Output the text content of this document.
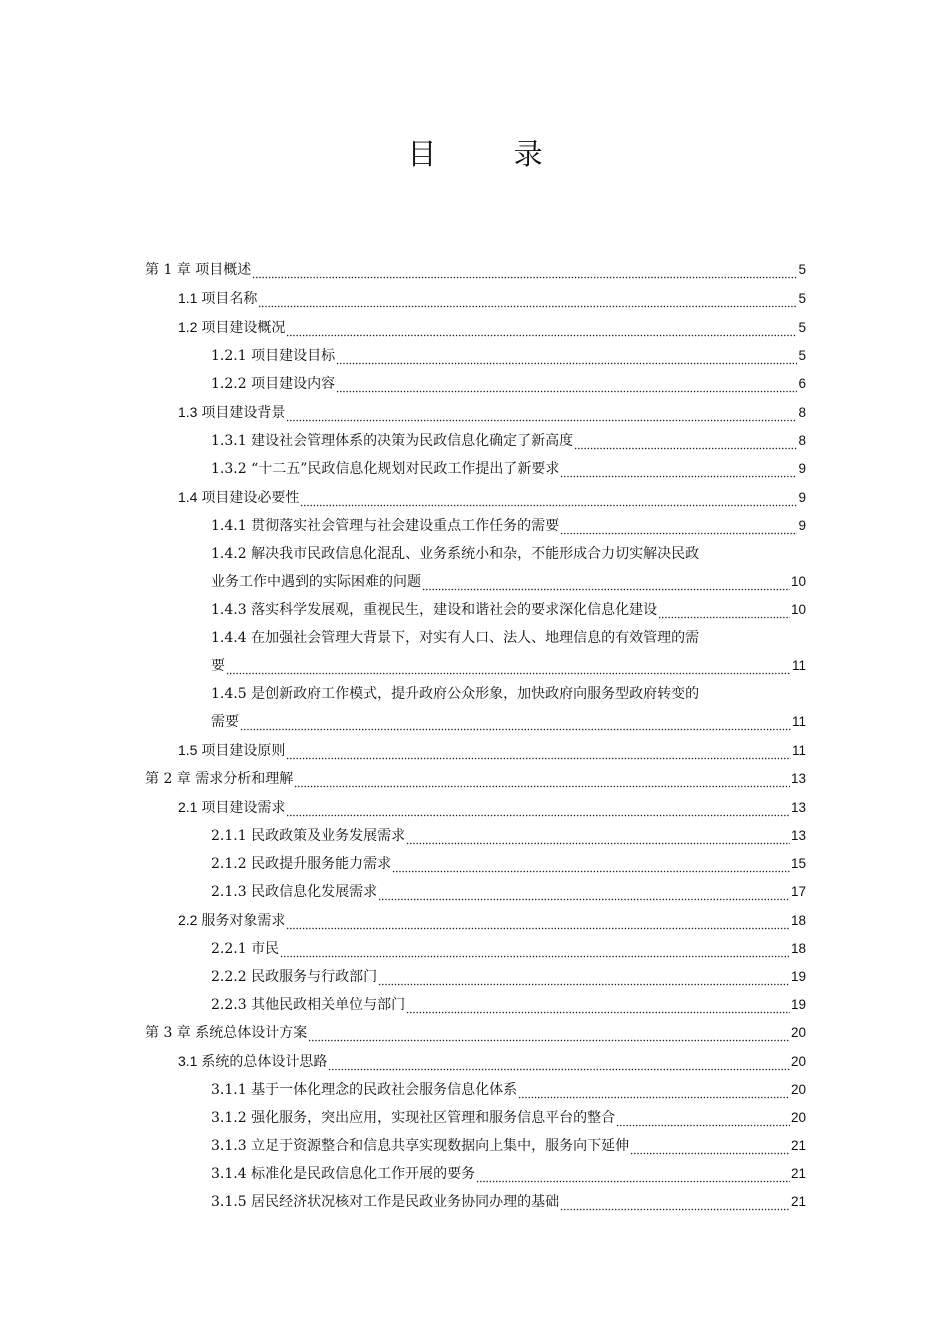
目 录
第 1 章 项目概述	5
1.1 项目名称	5
1.2 项目建设概况	5
1.2.1 项目建设目标	5
1.2.2 项目建设内容	6
1.3 项目建设背景	8
1.3.1 建设社会管理体系的决策为民政信息化确定了新高度	8
1.3.2 “十二五”民政信息化规划对民政工作提出了新要求	9
1.4 项目建设必要性	9
1.4.1 贯彻落实社会管理与社会建设重点工作任务的需要	9
1.4.2 解决我市民政信息化混乱、业务系统小和杂，不能形成合力切实解决民政
业务工作中遇到的实际困难的问题	10
1.4.3 落实科学发展观，重视民生，建设和谐社会的要求深化信息化建设	10
1.4.4 在加强社会管理大背景下，对实有人口、法人、地理信息的有效管理的需
要	11
1.4.5 是创新政府工作模式，提升政府公众形象，加快政府向服务型政府转变的
需要	11
1.5 项目建设原则	11
第 2 章 需求分析和理解	13
2.1 项目建设需求	13
2.1.1 民政政策及业务发展需求	13
2.1.2 民政提升服务能力需求	15
2.1.3 民政信息化发展需求	17
2.2 服务对象需求	18
2.2.1 市民	18
2.2.2 民政服务与行政部门	19
2.2.3 其他民政相关单位与部门	19
第 3 章 系统总体设计方案	20
3.1 系统的总体设计思路	20
3.1.1 基于一体化理念的民政社会服务信息化体系	20
3.1.2 强化服务，突出应用，实现社区管理和服务信息平台的整合	20
3.1.3 立足于资源整合和信息共享实现数据向上集中，服务向下延伸	21
3.1.4 标准化是民政信息化工作开展的要务	21
3.1.5 居民经济状况核对工作是民政业务协同办理的基础	21
